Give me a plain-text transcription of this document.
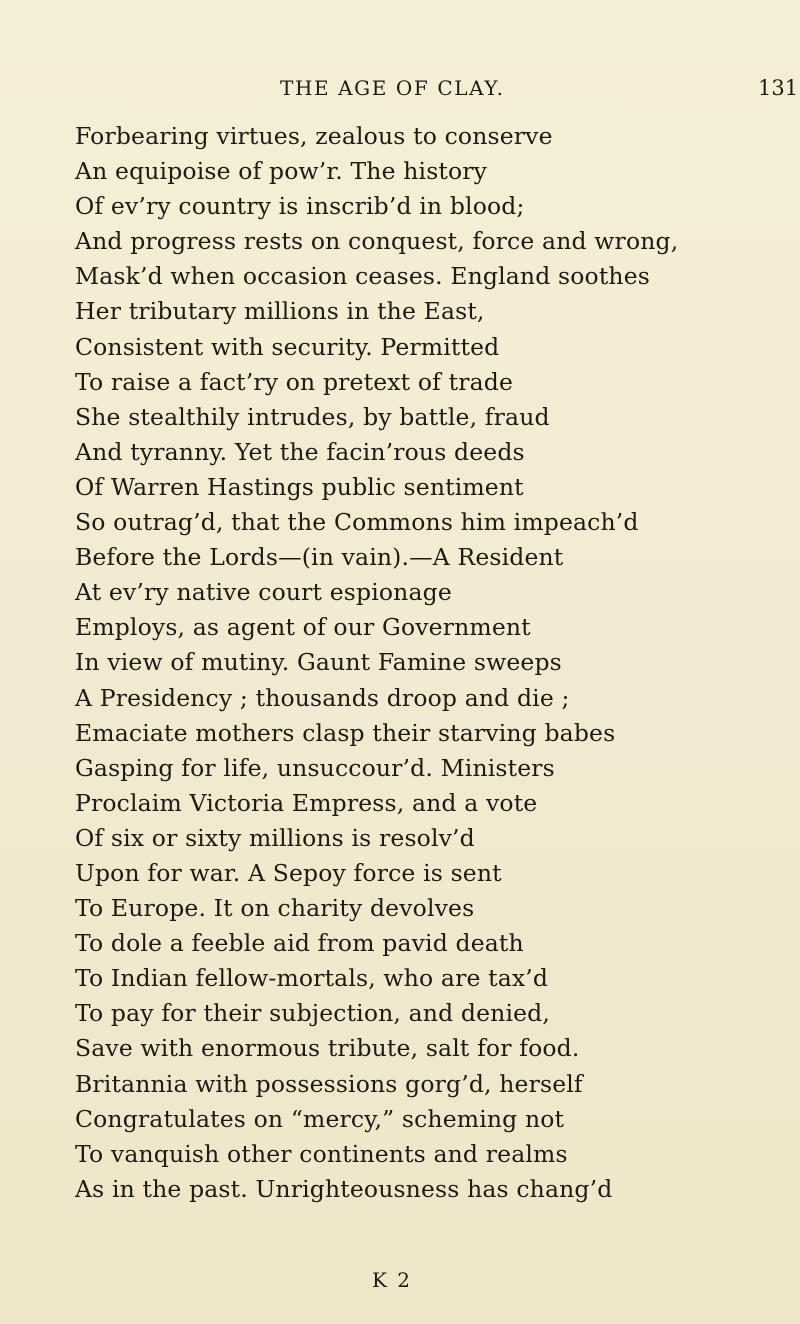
THE AGE OF CLAY.	131
Forbearing virtues, zealous to conserve
An equipoise of pow’r. The history
Of ev’ry country is inscrib’d in blood;
And progress rests on conquest, force and wrong,
Mask’d when occasion ceases. England soothes
Her tributary millions in the East,
Consistent with security. Permitted
To raise a fact’ry on pretext of trade
She stealthily intrudes, by battle, fraud
And tyranny. Yet the facin’rous deeds
Of Warren Hastings public sentiment
So outrag’d, that the Commons him impeach’d
Before the Lords—(in vain).—A Resident
At ev’ry native court espionage
Employs, as agent of our Government
In view of mutiny. Gaunt Famine sweeps
A Presidency ; thousands droop and die ;
Emaciate mothers clasp their starving babes
Gasping for life, unsuccour’d. Ministers
Proclaim Victoria Empress, and a vote
Of six or sixty millions is resolv’d
Upon for war. A Sepoy force is sent
To Europe. It on charity devolves
To dole a feeble aid from pavid death
To Indian fellow-mortals, who are tax’d
To pay for their subjection, and denied,
Save with enormous tribute, salt for food.
Britannia with possessions gorg’d, herself
Congratulates on “mercy,” scheming not
To vanquish other continents and realms
As in the past. Unrighteousness has chang’d
K 2
